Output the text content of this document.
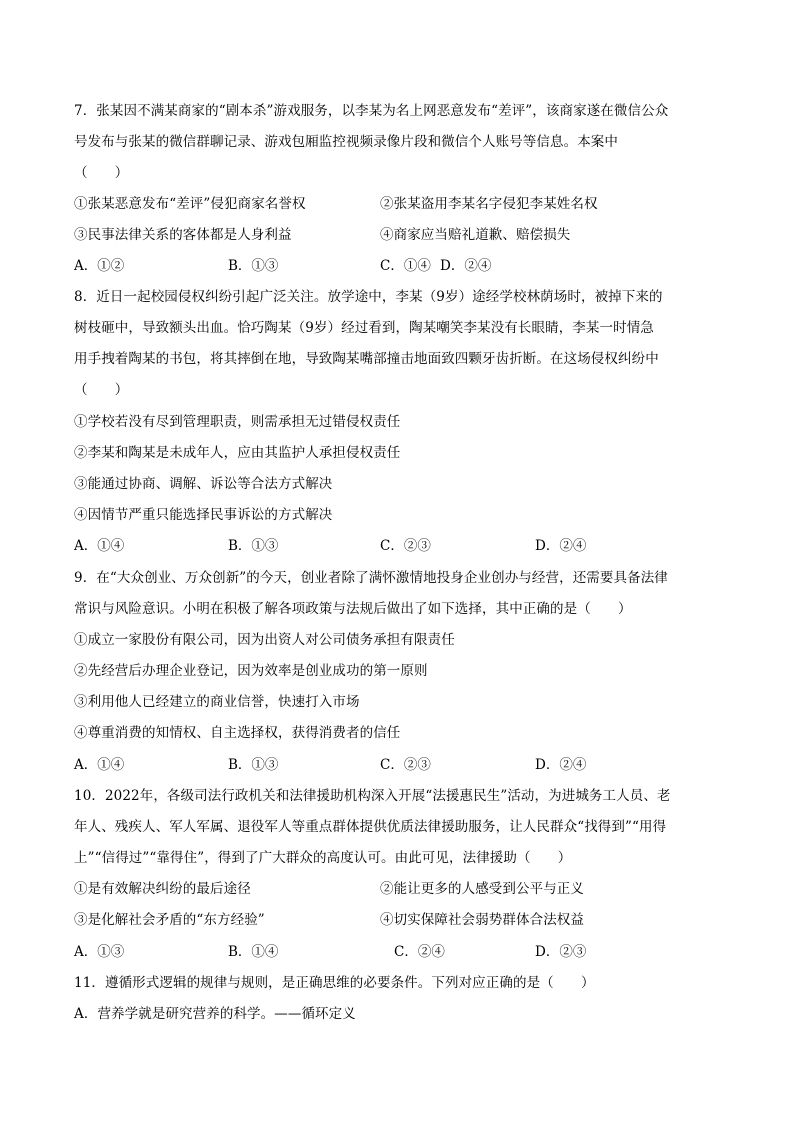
7．张某因不满某商家的“剧本杀”游戏服务，以李某为名上网恶意发布“差评”，该商家遂在微信公众
号发布与张某的微信群聊记录、游戏包厢监控视频录像片段和微信个人账号等信息。本案中
（　　）
①张某恶意发布“差评”侵犯商家名誉权	②张某盗用李某名字侵犯李某姓名权
③民事法律关系的客体都是人身利益	④商家应当赔礼道歉、赔偿损失
A．①②	B．①③	C．①④ D．②④
8．近日一起校园侵权纠纷引起广泛关注。放学途中，李某（9岁）途经学校林荫场时，被掉下来的
树枝砸中，导致额头出血。恰巧陶某（9岁）经过看到，陶某嘲笑李某没有长眼睛，李某一时情急
用手拽着陶某的书包，将其摔倒在地，导致陶某嘴部撞击地面致四颗牙齿折断。在这场侵权纠纷中
（　　）
①学校若没有尽到管理职责，则需承担无过错侵权责任
②李某和陶某是未成年人，应由其监护人承担侵权责任
③能通过协商、调解、诉讼等合法方式解决
④因情节严重只能选择民事诉讼的方式解决
A．①④	B．①③	C．②③	D．②④
9．在“大众创业、万众创新”的今天，创业者除了满怀激情地投身企业创办与经营，还需要具备法律
常识与风险意识。小明在积极了解各项政策与法规后做出了如下选择，其中正确的是（　　）
①成立一家股份有限公司，因为出资人对公司债务承担有限责任
②先经营后办理企业登记，因为效率是创业成功的第一原则
③利用他人已经建立的商业信誉，快速打入市场
④尊重消费的知情权、自主选择权，获得消费者的信任
A．①④	B．①③	C．②③	D．②④
10．2022年，各级司法行政机关和法律援助机构深入开展“法援惠民生”活动，为进城务工人员、老
年人、残疾人、军人军属、退役军人等重点群体提供优质法律援助服务，让人民群众“找得到”“用得
上”“信得过”“靠得住”，得到了广大群众的高度认可。由此可见，法律援助（　　）
①是有效解决纠纷的最后途径	②能让更多的人感受到公平与正义
③是化解社会矛盾的“东方经验”	④切实保障社会弱势群体合法权益
A．①③	B．①④	C．②④	D．②③
11．遵循形式逻辑的规律与规则，是正确思维的必要条件。下列对应正确的是（　　）
A．营养学就是研究营养的科学。——循环定义
